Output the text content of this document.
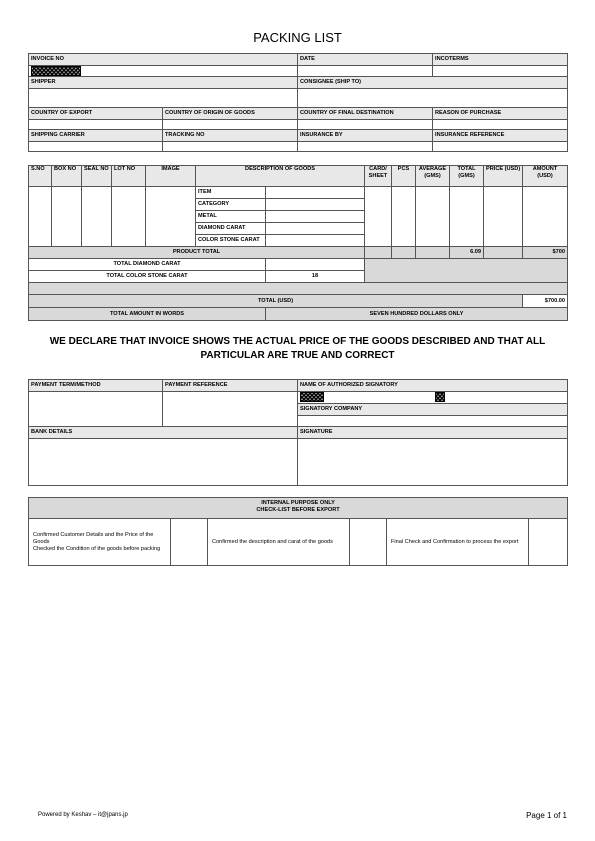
PACKING LIST
INVOICE NO		DATE	INCOTERMS

SHIPPER		CONSIGNEE (SHIP TO)	

COUNTRY OF EXPORT	COUNTRY OF ORIGIN OF GOODS	COUNTRY OF FINAL DESTINATION	REASON OF PURCHASE

SHIPPING CARRIER	TRACKING NO	INSURANCE BY	INSURANCE REFERENCE

S.NO	BOX NO	SEAL NO	LOT NO	IMAGE	DESCRIPTION OF GOODS		CARD/ SHEET	PCS	AVERAGE (GMS)	TOTAL (GMS)	PRICE (USD)	AMOUNT (USD)
					ITEM							
					CATEGORY							
					METAL							
					DIAMOND CARAT							
					COLOR STONE CARAT							
PRODUCT TOTAL										6.09		$700
TOTAL DIAMOND CARAT												
TOTAL COLOR STONE CARAT						18						

TOTAL (USD)												$700.00
TOTAL AMOUNT IN WORDS						SEVEN HUNDRED DOLLARS ONLY						
WE DECLARE THAT INVOICE SHOWS THE ACTUAL PRICE OF THE GOODS DESCRIBED AND THAT ALL PARTICULAR ARE TRUE AND CORRECT
PAYMENT TERM/METHOD	PAYMENT REFERENCE	NAME OF AUTHORIZED SIGNATORY

		SIGNATORY COMPANY

BANK DETAILS		SIGNATURE

INTERNAL PURPOSE ONLY
CHECK-LIST BEFORE EXPORT

Confirmed Customer Details and the Price of the Goods
Checked the Condition of the goods before packing		Confirmed the description and carat of the goods		Final Check and Confirmation to process the export	
Powered by Keshav – it@jpans.jp	Page 1 of 1
